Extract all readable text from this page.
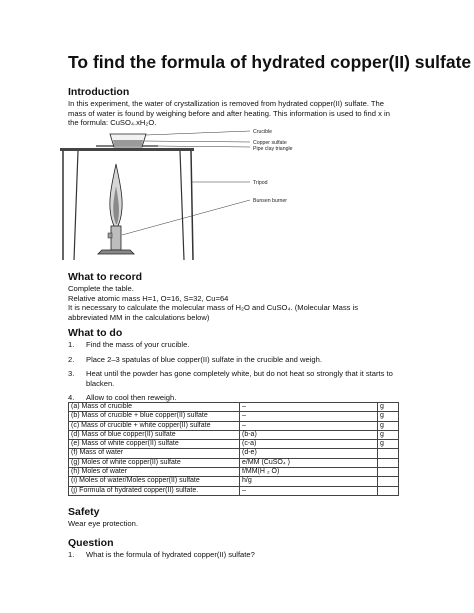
To find the formula of hydrated copper(II) sulfate
Introduction
In this experiment, the water of crystallization is removed from hydrated copper(II) sulfate. The
mass of water is found by weighing before and after heating. This information is used to find x in
the formula: CuSO₄.xH₂O.
Crucible
Copper sulfate
Pipe clay triangle
Tripod
Bunsen burner
What to record
Complete the table.
Relative atomic mass H=1, O=16, S=32, Cu=64
It is necessary to calculate the molecular mass of H₂O and CuSO₄. (Molecular Mass is
abbreviated MM in the calculations below)
What to do
1. Find the mass of your crucible.
2. Place 2–3 spatulas of blue copper(II) sulfate in the crucible and weigh.
3. Heat until the powder has gone completely white, but do not heat so strongly that it starts to blacken.
4. Allow to cool then reweigh.
(a) Mass of crucible	–	g
(b) Mass of crucible + blue copper(II) sulfate	–	g
(c) Mass of crucible + white copper(II) sulfate	–	g
(d) Mass of blue copper(II) sulfate	(b-a)	g
(e) Mass of white copper(II) sulfate	(c-a)	g
(f) Mass of water	(d-e)	
(g) Moles of white copper(II) sulfate	e/MM (CuSO₄ )	
(h) Moles of water	f/MM(H ₂ O)	
(i) Moles of water/Moles copper(II) sulfate	h/g	
(j) Formula of hydrated copper(II) sulfate.	–	
Safety
Wear eye protection.
Question
1. What is the formula of hydrated copper(II) sulfate?
